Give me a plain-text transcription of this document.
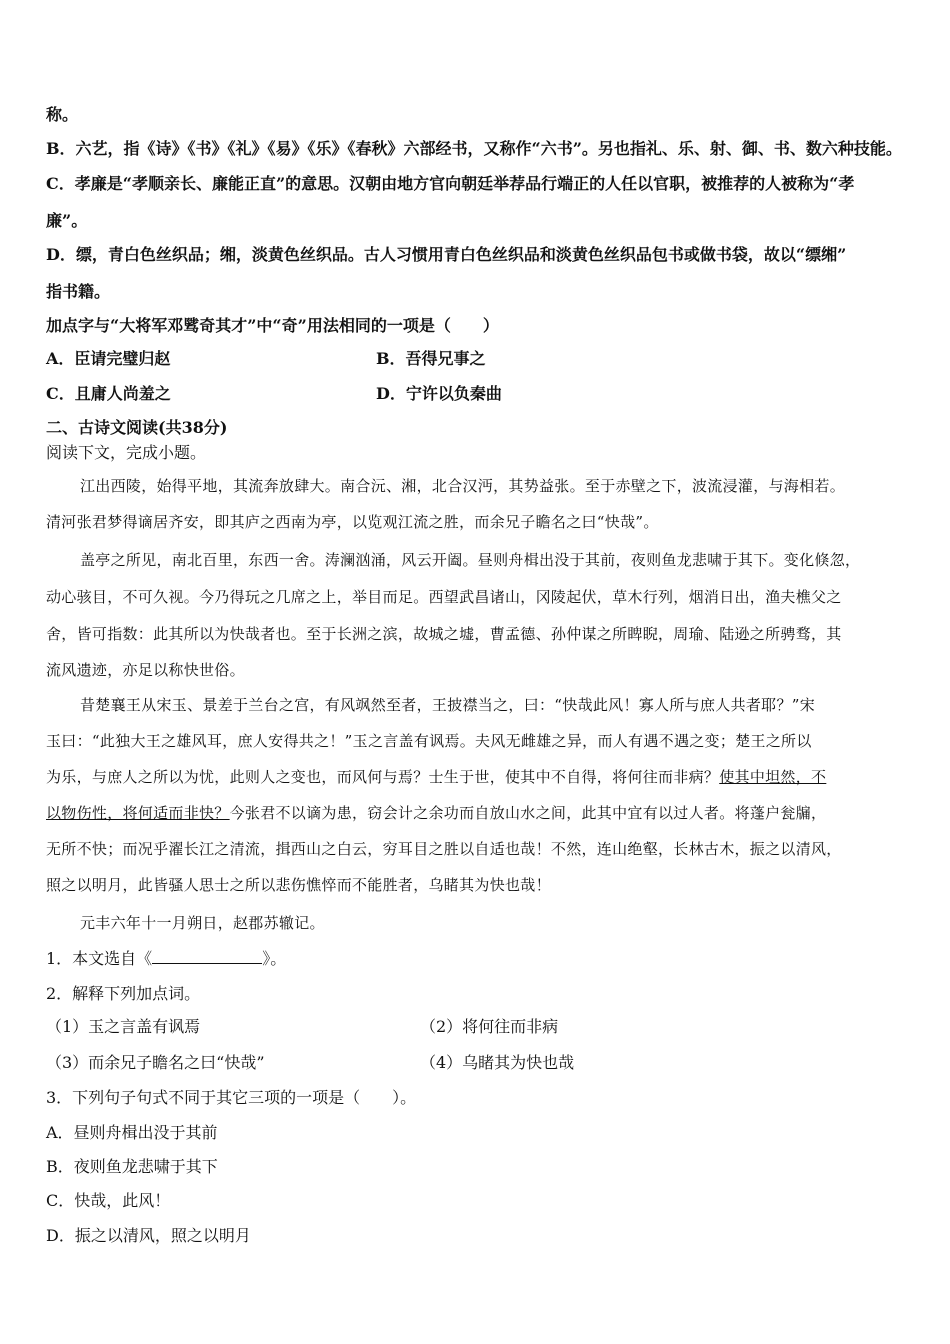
称。
B．六艺，指《诗》《书》《礼》《易》《乐》《春秋》六部经书，又称作“六书”。另也指礼、乐、射、御、书、数六种技能。
C．孝廉是“孝顺亲长、廉能正直”的意思。汉朝由地方官向朝廷举荐品行端正的人任以官职，被推荐的人被称为“孝
廉”。
D．缥，青白色丝织品；缃，淡黄色丝织品。古人习惯用青白色丝织品和淡黄色丝织品包书或做书袋，故以“缥缃”
指书籍。
加点字与“大将军邓骘奇其才”中“奇”用法相同的一项是（　　）
A．臣请完璧归赵	B．吾得兄事之
C．且庸人尚羞之	D．宁许以负秦曲
二、古诗文阅读(共38分)
阅读下文，完成小题。
江出西陵，始得平地，其流奔放肆大。南合沅、湘，北合汉沔，其势益张。至于赤壁之下，波流浸灌，与海相若。
清河张君梦得谪居齐安，即其庐之西南为亭，以览观江流之胜，而余兄子瞻名之曰“快哉”。
盖亭之所见，南北百里，东西一舍。涛澜汹涌，风云开阖。昼则舟楫出没于其前，夜则鱼龙悲啸于其下。变化倏忽，
动心骇目，不可久视。今乃得玩之几席之上，举目而足。西望武昌诸山，冈陵起伏，草木行列，烟消日出，渔夫樵父之
舍，皆可指数：此其所以为快哉者也。至于长洲之滨，故城之墟，曹孟德、孙仲谋之所睥睨，周瑜、陆逊之所骋骛，其
流风遗迹，亦足以称快世俗。
昔楚襄王从宋玉、景差于兰台之宫，有风飒然至者，王披襟当之，曰：“快哉此风！寡人所与庶人共者耶？”宋
玉曰：“此独大王之雄风耳，庶人安得共之！”玉之言盖有讽焉。夫风无雌雄之异，而人有遇不遇之变；楚王之所以
为乐，与庶人之所以为忧，此则人之变也，而风何与焉？士生于世，使其中不自得，将何往而非病？使其中坦然，不
以物伤性，将何适而非快？今张君不以谪为患，窃会计之余功而自放山水之间，此其中宜有以过人者。将蓬户瓮牖，
无所不快；而况乎濯长江之清流，揖西山之白云，穷耳目之胜以自适也哉！不然，连山绝壑，长林古木，振之以清风，
照之以明月，此皆骚人思士之所以悲伤憔悴而不能胜者，乌睹其为快也哉！
元丰六年十一月朔日，赵郡苏辙记。
1．本文选自《	》。
2．解释下列加点词。
（1）玉之言盖有讽焉	（2）将何往而非病
（3）而余兄子瞻名之曰“快哉”	（4）乌睹其为快也哉
3．下列句子句式不同于其它三项的一项是（　　）。
A．昼则舟楫出没于其前
B．夜则鱼龙悲啸于其下
C．快哉，此风！
D．振之以清风，照之以明月
